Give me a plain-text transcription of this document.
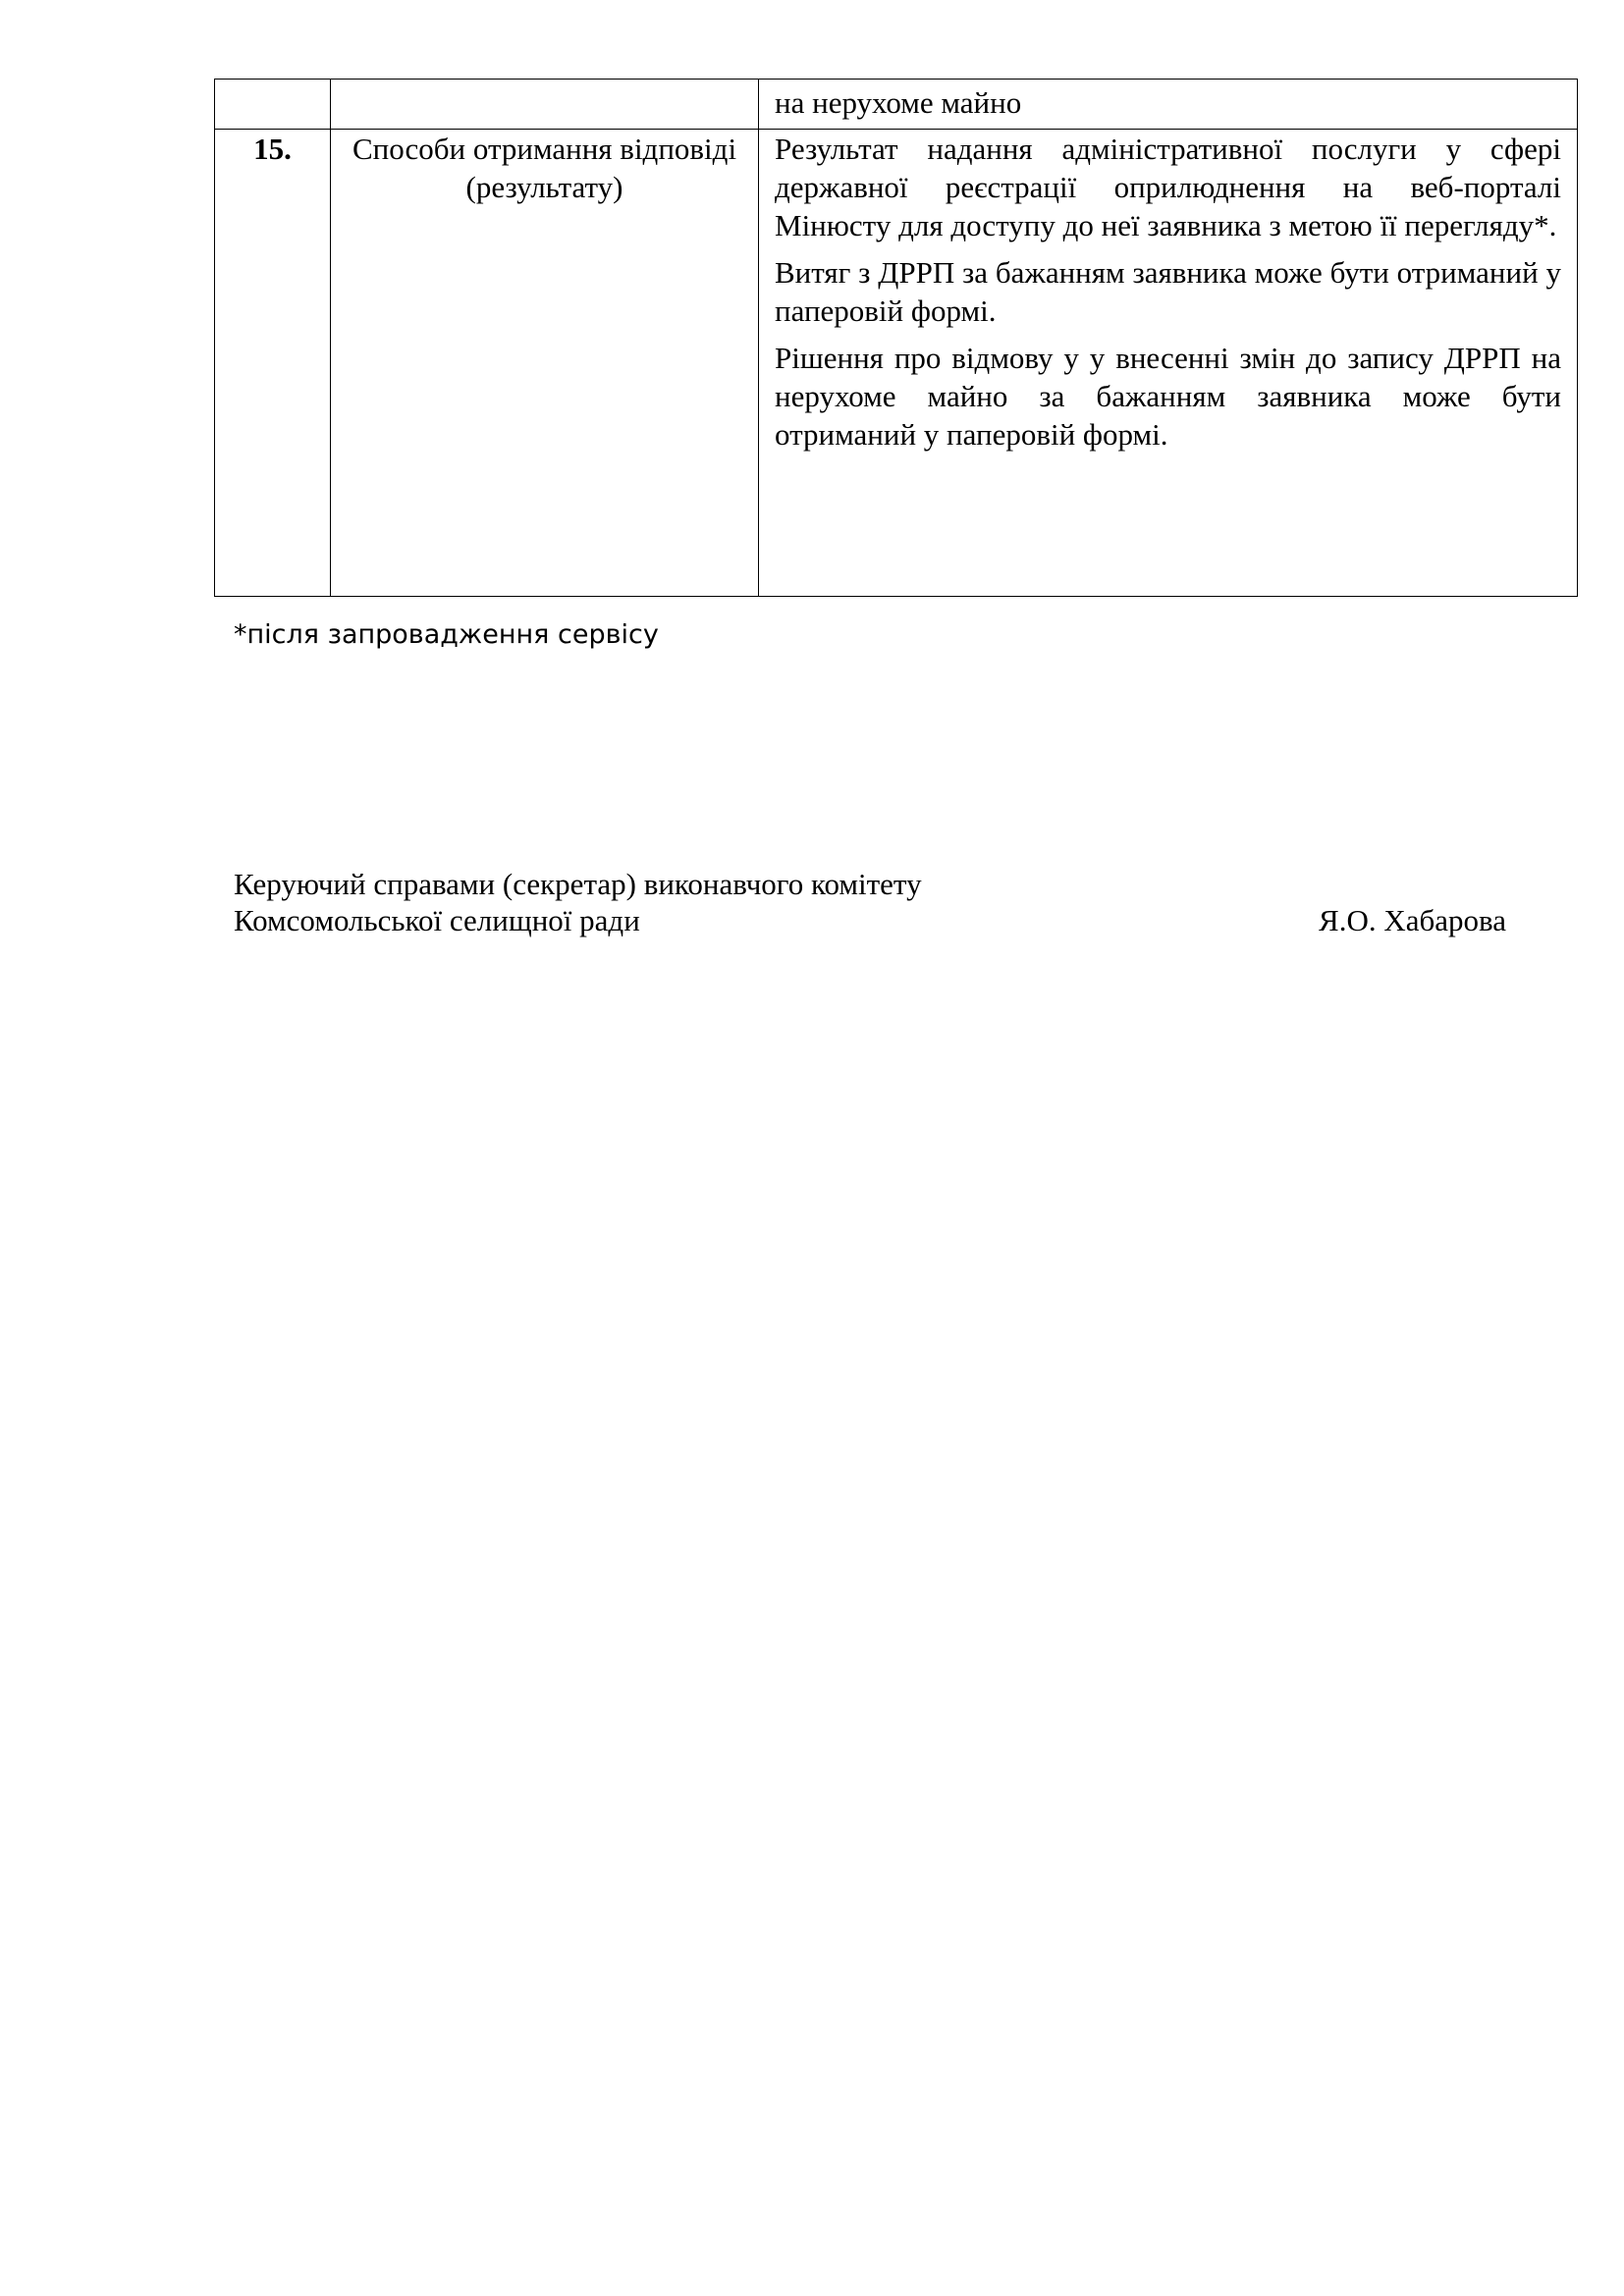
		на нерухоме майно
15.	Способи отримання відповіді (результату)	Результат надання адміністративної послуги у сфері державної реєстрації оприлюднення на веб-порталі Мінюсту для доступу до неї заявника з метою її перегляду*.

Витяг з ДРРП за бажанням заявника може бути отриманий у паперовій формі.

Рішення про відмову у у внесенні змін до запису ДРРП на нерухоме майно за бажанням заявника може бути отриманий у паперовій формі.

*після запровадження сервісу
Керуючий справами (секретар) виконавчого комітету
Комсомольської селищної ради	Я.О. Хабарова
